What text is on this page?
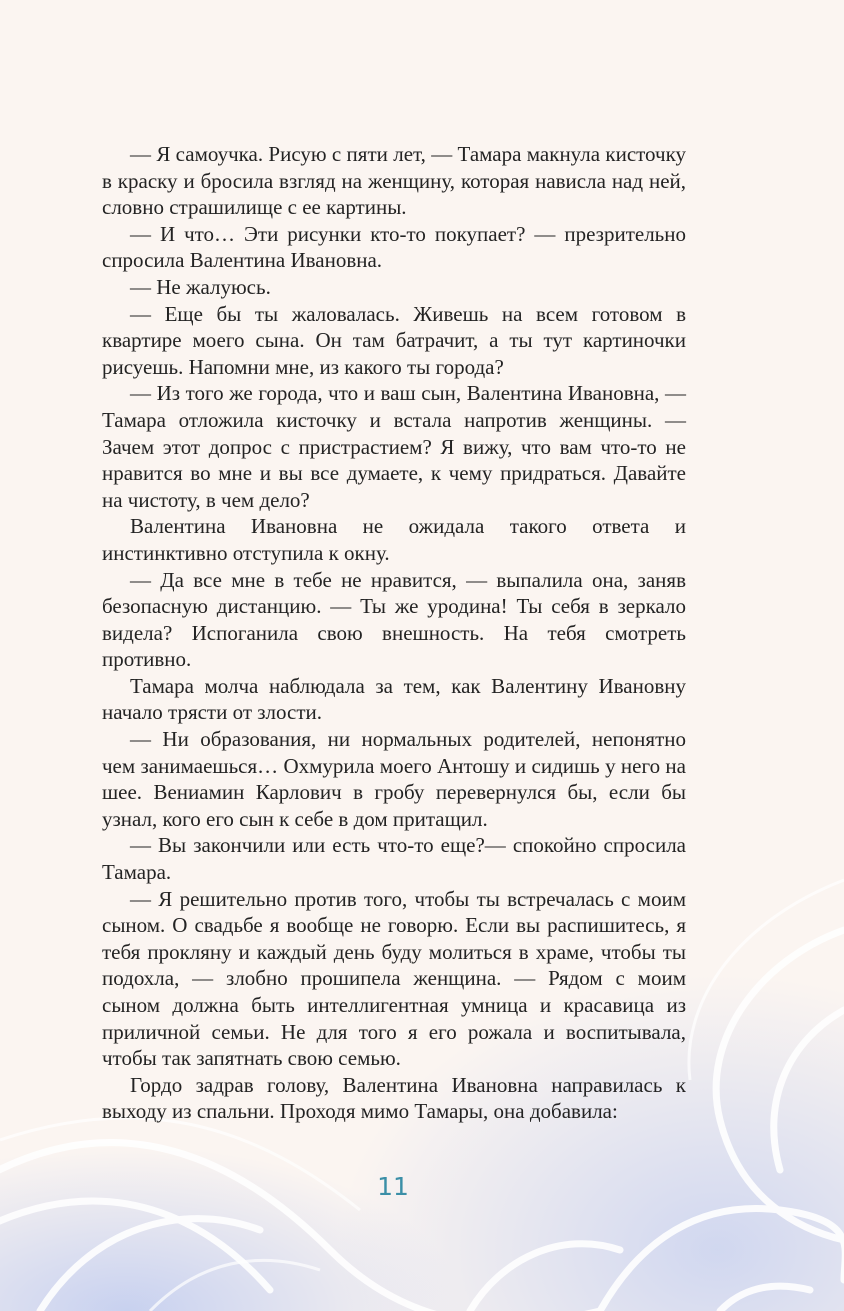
— Я самоучка. Рисую с пяти лет, — Тамара макнула кисточку в краску и бросила взгляд на женщину, которая нависла над ней, словно страшилище с ее картины.

— И что… Эти рисунки кто-то покупает? — презрительно спросила Валентина Ивановна.

— Не жалуюсь.

— Еще бы ты жаловалась. Живешь на всем готовом в квартире моего сына. Он там батрачит, а ты тут картиночки рисуешь. Напомни мне, из какого ты города?

— Из того же города, что и ваш сын, Валентина Ивановна, — Тамара отложила кисточку и встала напротив женщины. — Зачем этот допрос с пристрастием? Я вижу, что вам что-то не нравится во мне и вы все думаете, к чему придраться. Давайте на чистоту, в чем дело?

Валентина Ивановна не ожидала такого ответа и инстинктивно отступила к окну.

— Да все мне в тебе не нравится, — выпалила она, заняв безопасную дистанцию. — Ты же уродина! Ты себя в зеркало видела? Испоганила свою внешность. На тебя смотреть противно.

Тамара молча наблюдала за тем, как Валентину Ивановну начало трясти от злости.

— Ни образования, ни нормальных родителей, непонятно чем занимаешься… Охмурила моего Антошу и сидишь у него на шее. Вениамин Карлович в гробу перевернулся бы, если бы узнал, кого его сын к себе в дом притащил.

— Вы закончили или есть что-то еще?— спокойно спросила Тамара.

— Я решительно против того, чтобы ты встречалась с моим сыном. О свадьбе я вообще не говорю. Если вы распишитесь, я тебя прокляну и каждый день буду молиться в храме, чтобы ты подохла, — злобно прошипела женщина. — Рядом с моим сыном должна быть интеллигентная умница и красавица из приличной семьи. Не для того я его рожала и воспитывала, чтобы так запятнать свою семью.

Гордо задрав голову, Валентина Ивановна направилась к выходу из спальни. Проходя мимо Тамары, она добавила:

11
